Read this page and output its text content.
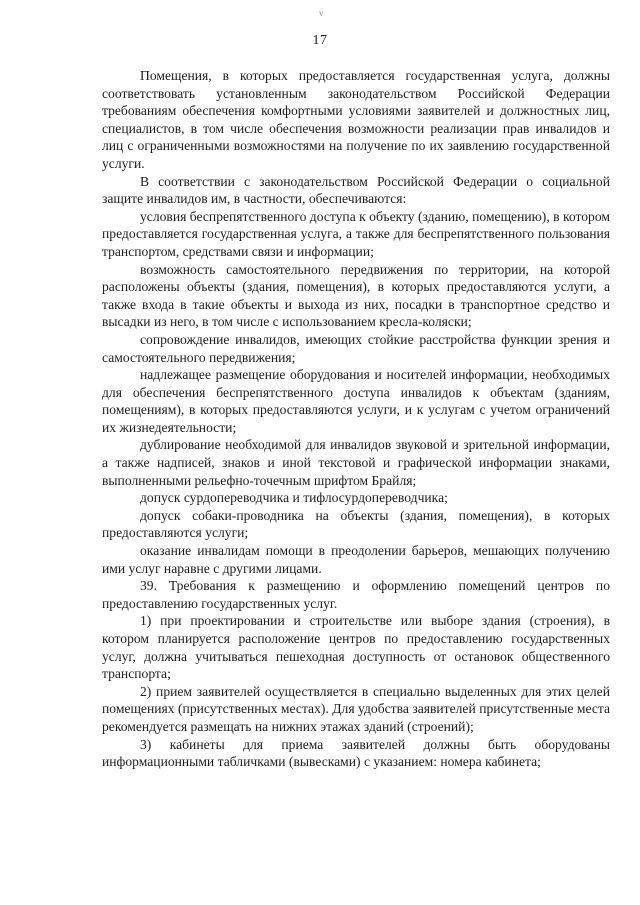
v
17

Помещения, в которых предоставляется государственная услуга, должны соответствовать установленным законодательством Российской Федерации требованиям обеспечения комфортными условиями заявителей и должностных лиц, специалистов, в том числе обеспечения возможности реализации прав инвалидов и лиц с ограниченными возможностями на получение по их заявлению государственной услуги.

В соответствии с законодательством Российской Федерации о социальной защите инвалидов им, в частности, обеспечиваются:

условия беспрепятственного доступа к объекту (зданию, помещению), в котором предоставляется государственная услуга, а также для беспрепятственного пользования транспортом, средствами связи и информации;

возможность самостоятельного передвижения по территории, на которой расположены объекты (здания, помещения), в которых предоставляются услуги, а также входа в такие объекты и выхода из них, посадки в транспортное средство и высадки из него, в том числе с использованием кресла-коляски;

сопровождение инвалидов, имеющих стойкие расстройства функции зрения и самостоятельного передвижения;

надлежащее размещение оборудования и носителей информации, необходимых для обеспечения беспрепятственного доступа инвалидов к объектам (зданиям, помещениям), в которых предоставляются услуги, и к услугам с учетом ограничений их жизнедеятельности;

дублирование необходимой для инвалидов звуковой и зрительной информации, а также надписей, знаков и иной текстовой и графической информации знаками, выполненными рельефно-точечным шрифтом Брайля;

допуск сурдопереводчика и тифлосурдопереводчика;

допуск собаки-проводника на объекты (здания, помещения), в которых предоставляются услуги;

оказание инвалидам помощи в преодолении барьеров, мешающих получению ими услуг наравне с другими лицами.

39. Требования к размещению и оформлению помещений центров по предоставлению государственных услуг.

1) при проектировании и строительстве или выборе здания (строения), в котором планируется расположение центров по предоставлению государственных услуг, должна учитываться пешеходная доступность от остановок общественного транспорта;

2) прием заявителей осуществляется в специально выделенных для этих целей помещениях (присутственных местах). Для удобства заявителей присутственные места рекомендуется размещать на нижних этажах зданий (строений);

3) кабинеты для приема заявителей должны быть оборудованы информационными табличками (вывесками) с указанием: номера кабинета;
